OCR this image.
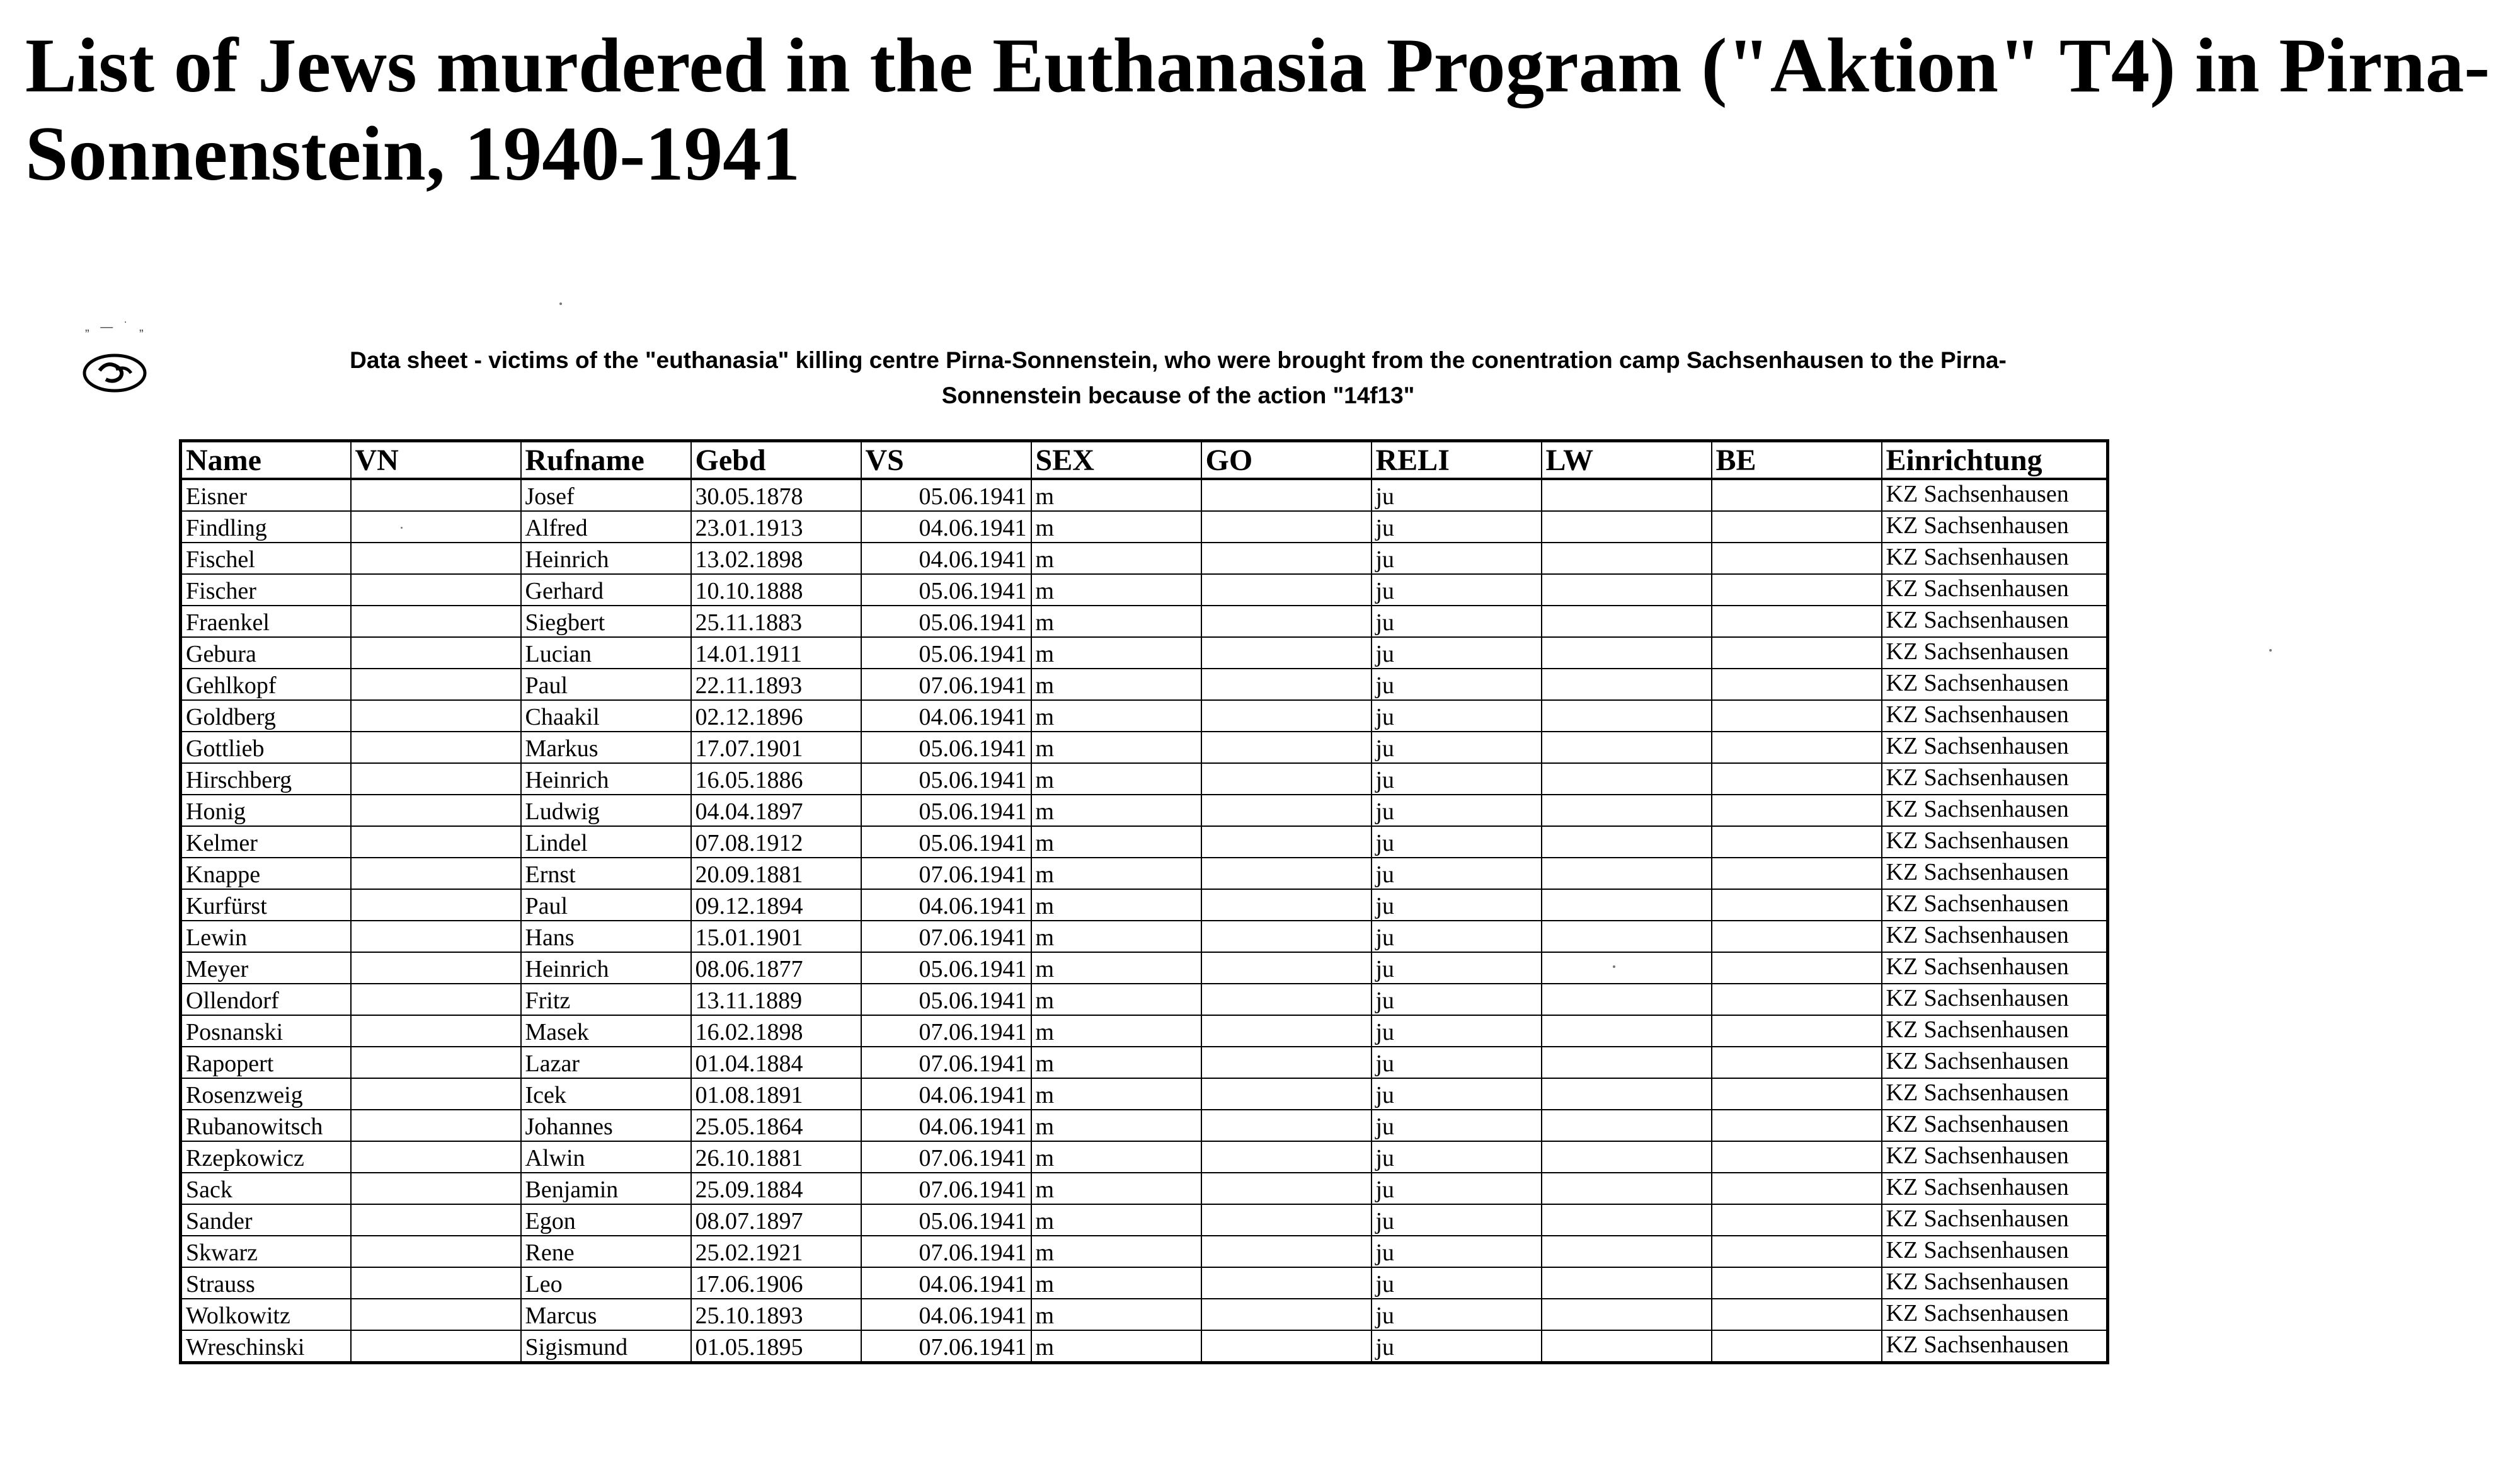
List of Jews murdered in the Euthanasia Program ("Aktion" T4) in Pirna-Sonnenstein, 1940-1941
„ — ˙ „
Data sheet - victims of the "euthanasia" killing centre Pirna-Sonnenstein, who were brought from the conentration camp Sachsenhausen to the Pirna-
Sonnenstein because of the action "14f13"
Name	VN	Rufname	Gebd	VS	SEX	GO	RELI	LW	BE	Einrichtung
Eisner		Josef	30.05.1878	05.06.1941	m		ju			KZ Sachsenhausen
Findling		Alfred	23.01.1913	04.06.1941	m		ju			KZ Sachsenhausen
Fischel		Heinrich	13.02.1898	04.06.1941	m		ju			KZ Sachsenhausen
Fischer		Gerhard	10.10.1888	05.06.1941	m		ju			KZ Sachsenhausen
Fraenkel		Siegbert	25.11.1883	05.06.1941	m		ju			KZ Sachsenhausen
Gebura		Lucian	14.01.1911	05.06.1941	m		ju			KZ Sachsenhausen
Gehlkopf		Paul	22.11.1893	07.06.1941	m		ju			KZ Sachsenhausen
Goldberg		Chaakil	02.12.1896	04.06.1941	m		ju			KZ Sachsenhausen
Gottlieb		Markus	17.07.1901	05.06.1941	m		ju			KZ Sachsenhausen
Hirschberg		Heinrich	16.05.1886	05.06.1941	m		ju			KZ Sachsenhausen
Honig		Ludwig	04.04.1897	05.06.1941	m		ju			KZ Sachsenhausen
Kelmer		Lindel	07.08.1912	05.06.1941	m		ju			KZ Sachsenhausen
Knappe		Ernst	20.09.1881	07.06.1941	m		ju			KZ Sachsenhausen
Kurfürst		Paul	09.12.1894	04.06.1941	m		ju			KZ Sachsenhausen
Lewin		Hans	15.01.1901	07.06.1941	m		ju			KZ Sachsenhausen
Meyer		Heinrich	08.06.1877	05.06.1941	m		ju			KZ Sachsenhausen
Ollendorf		Fritz	13.11.1889	05.06.1941	m		ju			KZ Sachsenhausen
Posnanski		Masek	16.02.1898	07.06.1941	m		ju			KZ Sachsenhausen
Rapopert		Lazar	01.04.1884	07.06.1941	m		ju			KZ Sachsenhausen
Rosenzweig		Icek	01.08.1891	04.06.1941	m		ju			KZ Sachsenhausen
Rubanowitsch		Johannes	25.05.1864	04.06.1941	m		ju			KZ Sachsenhausen
Rzepkowicz		Alwin	26.10.1881	07.06.1941	m		ju			KZ Sachsenhausen
Sack		Benjamin	25.09.1884	07.06.1941	m		ju			KZ Sachsenhausen
Sander		Egon	08.07.1897	05.06.1941	m		ju			KZ Sachsenhausen
Skwarz		Rene	25.02.1921	07.06.1941	m		ju			KZ Sachsenhausen
Strauss		Leo	17.06.1906	04.06.1941	m		ju			KZ Sachsenhausen
Wolkowitz		Marcus	25.10.1893	04.06.1941	m		ju			KZ Sachsenhausen
Wreschinski		Sigismund	01.05.1895	07.06.1941	m		ju			KZ Sachsenhausen
